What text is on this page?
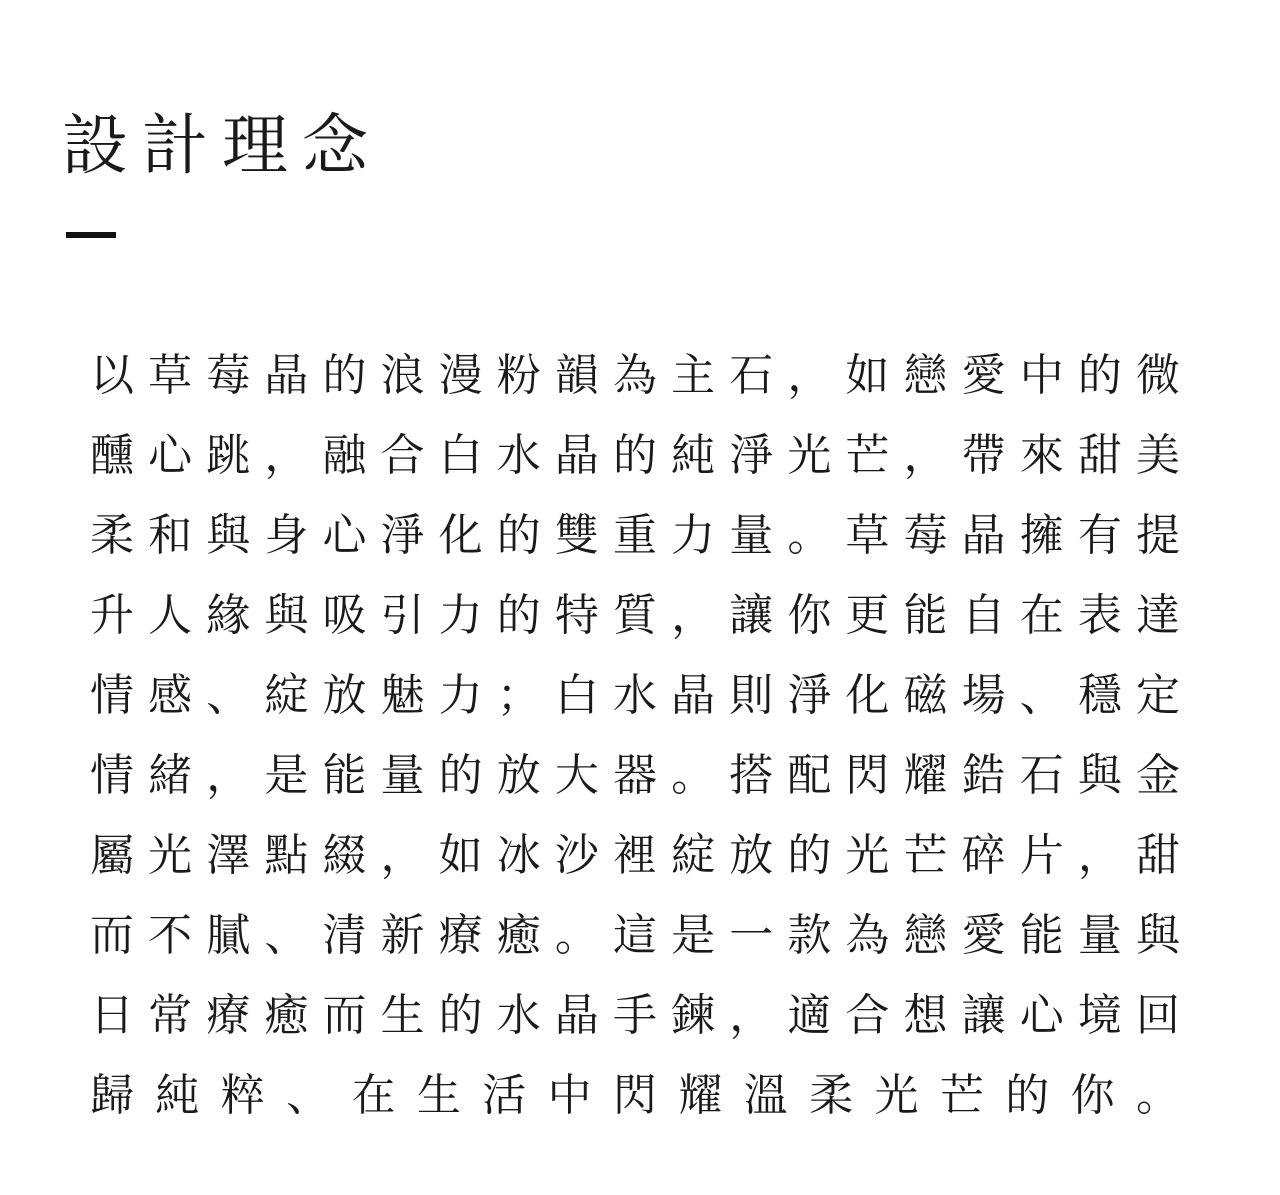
設計理念
以 草 莓 晶 的 浪 漫 粉 韻 為 主 石 ， 如 戀 愛 中 的 微
醺 心 跳 ， 融 合 白 水 晶 的 純 淨 光 芒 ， 帶 來 甜 美
柔 和 與 身 心 淨 化 的 雙 重 力 量 。 草 莓 晶 擁 有 提
升 人 緣 與 吸 引 力 的 特 質 ， 讓 你 更 能 自 在 表 達
情 感 、 綻 放 魅 力 ； 白 水 晶 則 淨 化 磁 場 、 穩 定
情 緒 ， 是 能 量 的 放 大 器 。 搭 配 閃 耀 鋯 石 與 金
屬 光 澤 點 綴 ， 如 冰 沙 裡 綻 放 的 光 芒 碎 片 ， 甜
而 不 膩 、 清 新 療 癒 。 這 是 一 款 為 戀 愛 能 量 與
日 常 療 癒 而 生 的 水 晶 手 鍊 ， 適 合 想 讓 心 境 回
歸 純 粹 、 在 生 活 中 閃 耀 溫 柔 光 芒 的 你 。
